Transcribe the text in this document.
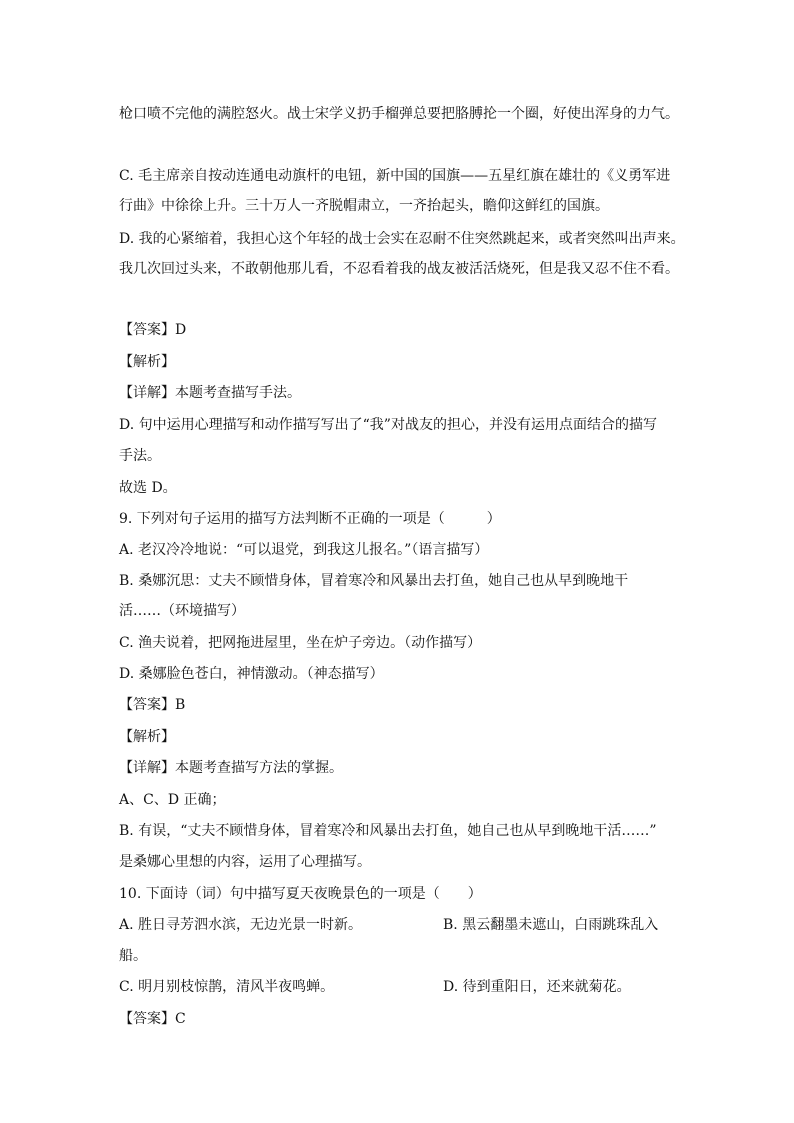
枪口喷不完他的满腔怒火。战士宋学义扔手榴弹总要把胳膊抡一个圈，好使出浑身的力气。
C. 毛主席亲自按动连通电动旗杆的电钮，新中国的国旗——五星红旗在雄壮的《义勇军进
行曲》中徐徐上升。三十万人一齐脱帽肃立，一齐抬起头，瞻仰这鲜红的国旗。
D. 我的心紧缩着，我担心这个年轻的战士会实在忍耐不住突然跳起来，或者突然叫出声来。
我几次回过头来，不敢朝他那儿看，不忍看着我的战友被活活烧死，但是我又忍不住不看。
【答案】D
【解析】
【详解】本题考查描写手法。
D. 句中运用心理描写和动作描写写出了“我”对战友的担心，并没有运用点面结合的描写
手法。
故选 D。
9. 下列对句子运用的描写方法判断不正确的一项是（　　　）
A. 老汉冷冷地说：“可以退党，到我这儿报名。”（语言描写）
B. 桑娜沉思：丈夫不顾惜身体，冒着寒冷和风暴出去打鱼，她自己也从早到晚地干
活……（环境描写）
C. 渔夫说着，把网拖进屋里，坐在炉子旁边。（动作描写）
D. 桑娜脸色苍白，神情激动。（神态描写）
【答案】B
【解析】
【详解】本题考查描写方法的掌握。
A、C、D 正确；
B. 有误，“丈夫不顾惜身体，冒着寒冷和风暴出去打鱼，她自己也从早到晚地干活……”
是桑娜心里想的内容，运用了心理描写。
10. 下面诗（词）句中描写夏天夜晚景色的一项是（　　）
A. 胜日寻芳泗水滨，无边光景一时新。	B. 黑云翻墨未遮山，白雨跳珠乱入
船。
C. 明月别枝惊鹊，清风半夜鸣蝉。	D. 待到重阳日，还来就菊花。
【答案】C
